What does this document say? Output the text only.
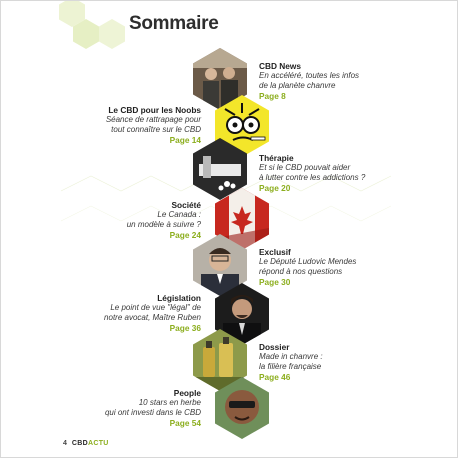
Sommaire
CBD News
En accéléré, toutes les infos
de la planète chanvre
Page 8
Le CBD pour les Noobs
Séance de rattrapage pour
tout connaître sur le CBD
Page 14
Thérapie
Et si le CBD pouvait aider
à lutter contre les addictions ?
Page 20
Société
Le Canada :
un modèle à suivre ?
Page 24
Exclusif
Le Député Ludovic Mendes
répond à nos questions
Page 30
Législation
Le point de vue "légal" de
notre avocat, Maître Ruben
Page 36
Dossier
Made in chanvre :
la filière française
Page 46
People
10 stars en herbe
qui ont investi dans le CBD
Page 54
4 CBDACTU
